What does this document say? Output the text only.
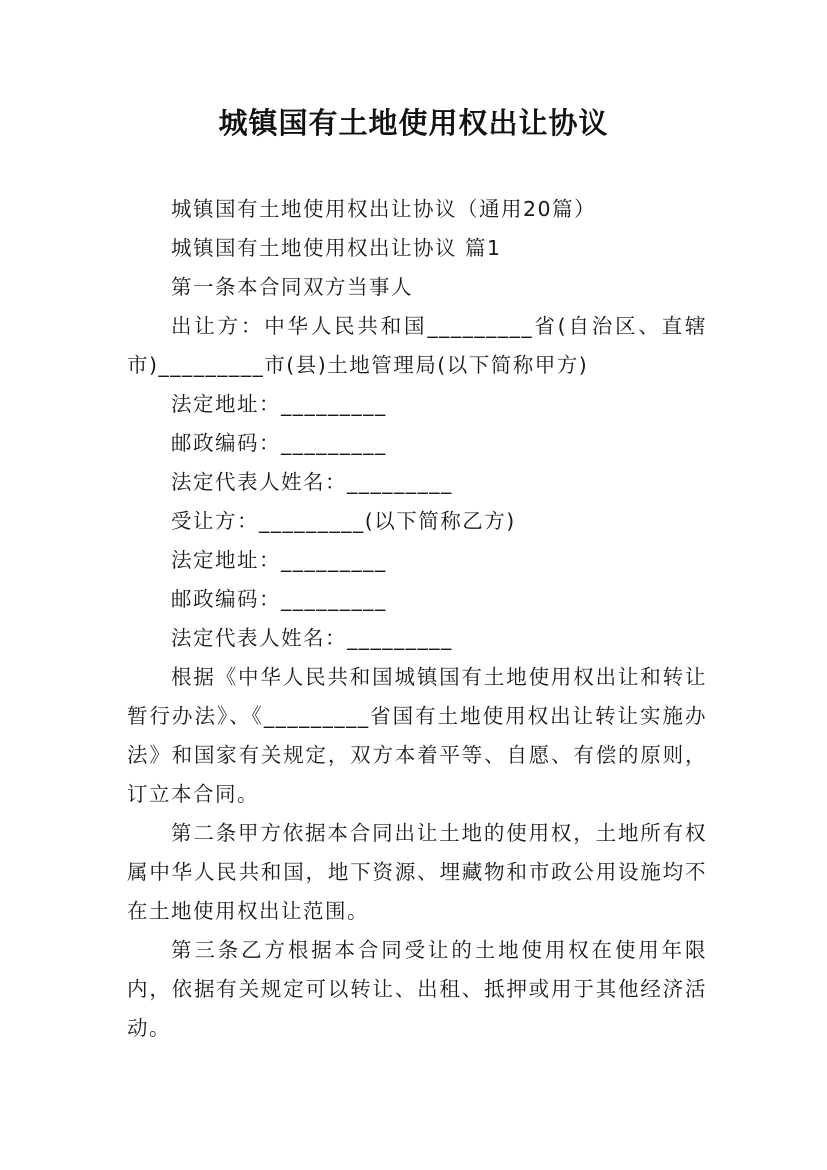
城镇国有土地使用权出让协议

城镇国有土地使用权出让协议（通用20篇）

城镇国有土地使用权出让协议 篇1

第一条本合同双方当事人

出让方：中华人民共和国_________省(自治区、直辖市)_________市(县)土地管理局(以下简称甲方)

法定地址：_________

邮政编码：_________

法定代表人姓名：_________

受让方：_________(以下简称乙方)

法定地址：_________

邮政编码：_________

法定代表人姓名：_________

根据《中华人民共和国城镇国有土地使用权出让和转让暂行办法》、《_________省国有土地使用权出让转让实施办法》和国家有关规定，双方本着平等、自愿、有偿的原则，订立本合同。

第二条甲方依据本合同出让土地的使用权，土地所有权属中华人民共和国，地下资源、埋藏物和市政公用设施均不在土地使用权出让范围。

第三条乙方根据本合同受让的土地使用权在使用年限内，依据有关规定可以转让、出租、抵押或用于其他经济活动。
